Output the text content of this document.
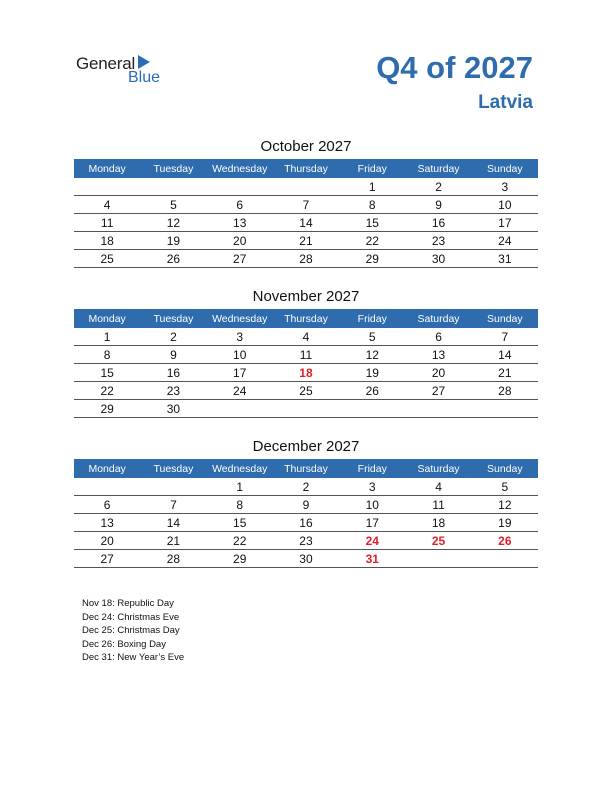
General
Blue	Q4 of 2027
Latvia
October 2027
Monday	Tuesday	Wednesday	Thursday	Friday	Saturday	Sunday
				1	2	3
4	5	6	7	8	9	10
11	12	13	14	15	16	17
18	19	20	21	22	23	24
25	26	27	28	29	30	31
November 2027
Monday	Tuesday	Wednesday	Thursday	Friday	Saturday	Sunday
1	2	3	4	5	6	7
8	9	10	11	12	13	14
15	16	17	18	19	20	21
22	23	24	25	26	27	28
29	30					
December 2027
Monday	Tuesday	Wednesday	Thursday	Friday	Saturday	Sunday
		1	2	3	4	5
6	7	8	9	10	11	12
13	14	15	16	17	18	19
20	21	22	23	24	25	26
27	28	29	30	31		
Nov 18: Republic Day
Dec 24: Christmas Eve
Dec 25: Christmas Day
Dec 26: Boxing Day
Dec 31: New Year’s Eve
